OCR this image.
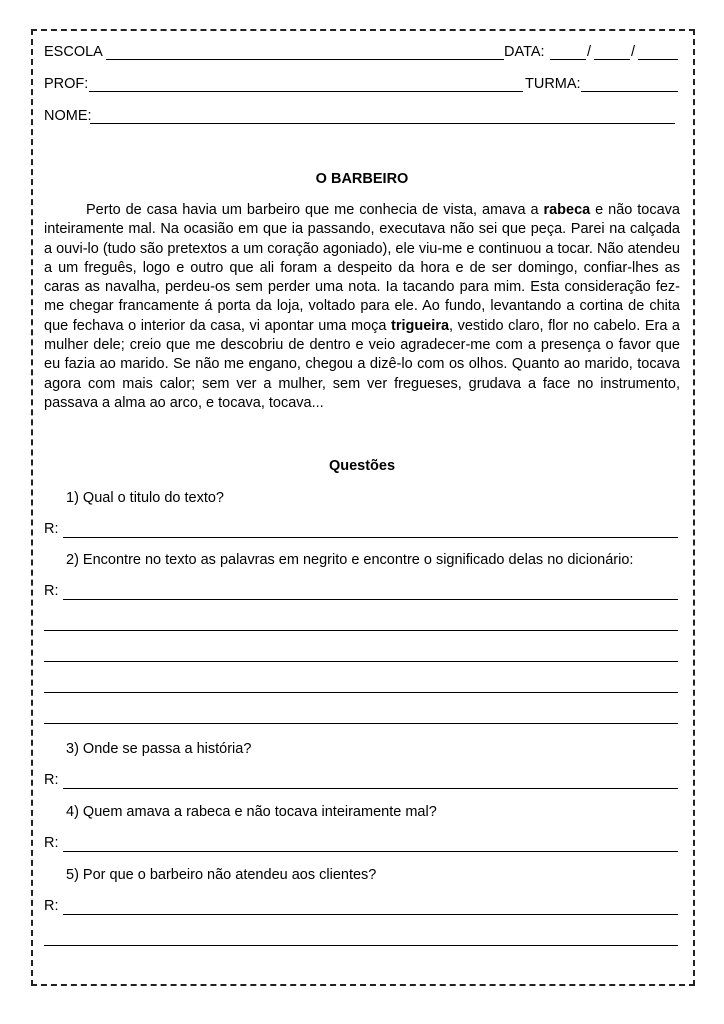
ESCOLA	DATA:	/	/
PROF:	TURMA:
NOME:
O BARBEIRO

Perto de casa havia um barbeiro que me conhecia de vista, amava a rabeca e não tocava inteiramente mal. Na ocasião em que ia passando, executava não sei que peça. Parei na calçada a ouvi-lo (tudo são pretextos a um coração agoniado), ele viu-me e continuou a tocar. Não atendeu a um freguês, logo e outro que ali foram a despeito da hora e de ser domingo, confiar-lhes as caras as navalha, perdeu-os sem perder uma nota. Ia tacando para mim. Esta consideração fez-me chegar francamente á porta da loja, voltado para ele. Ao fundo, levantando a cortina de chita que fechava o interior da casa, vi apontar uma moça trigueira, vestido claro, flor no cabelo. Era a mulher dele; creio que me descobriu de dentro e veio agradecer-me com a presença o favor que eu fazia ao marido. Se não me engano, chegou a dizê-lo com os olhos. Quanto ao marido, tocava agora com mais calor; sem ver a mulher, sem ver fregueses, grudava a face no instrumento, passava a alma ao arco, e tocava, tocava...

Questões
1) Qual o titulo do texto?
R:
2) Encontre no texto as palavras em negrito e encontre o significado delas no dicionário:
R:
3) Onde se passa a história?
R:
4) Quem amava a rabeca e não tocava inteiramente mal?
R:
5) Por que o barbeiro não atendeu aos clientes?
R:
